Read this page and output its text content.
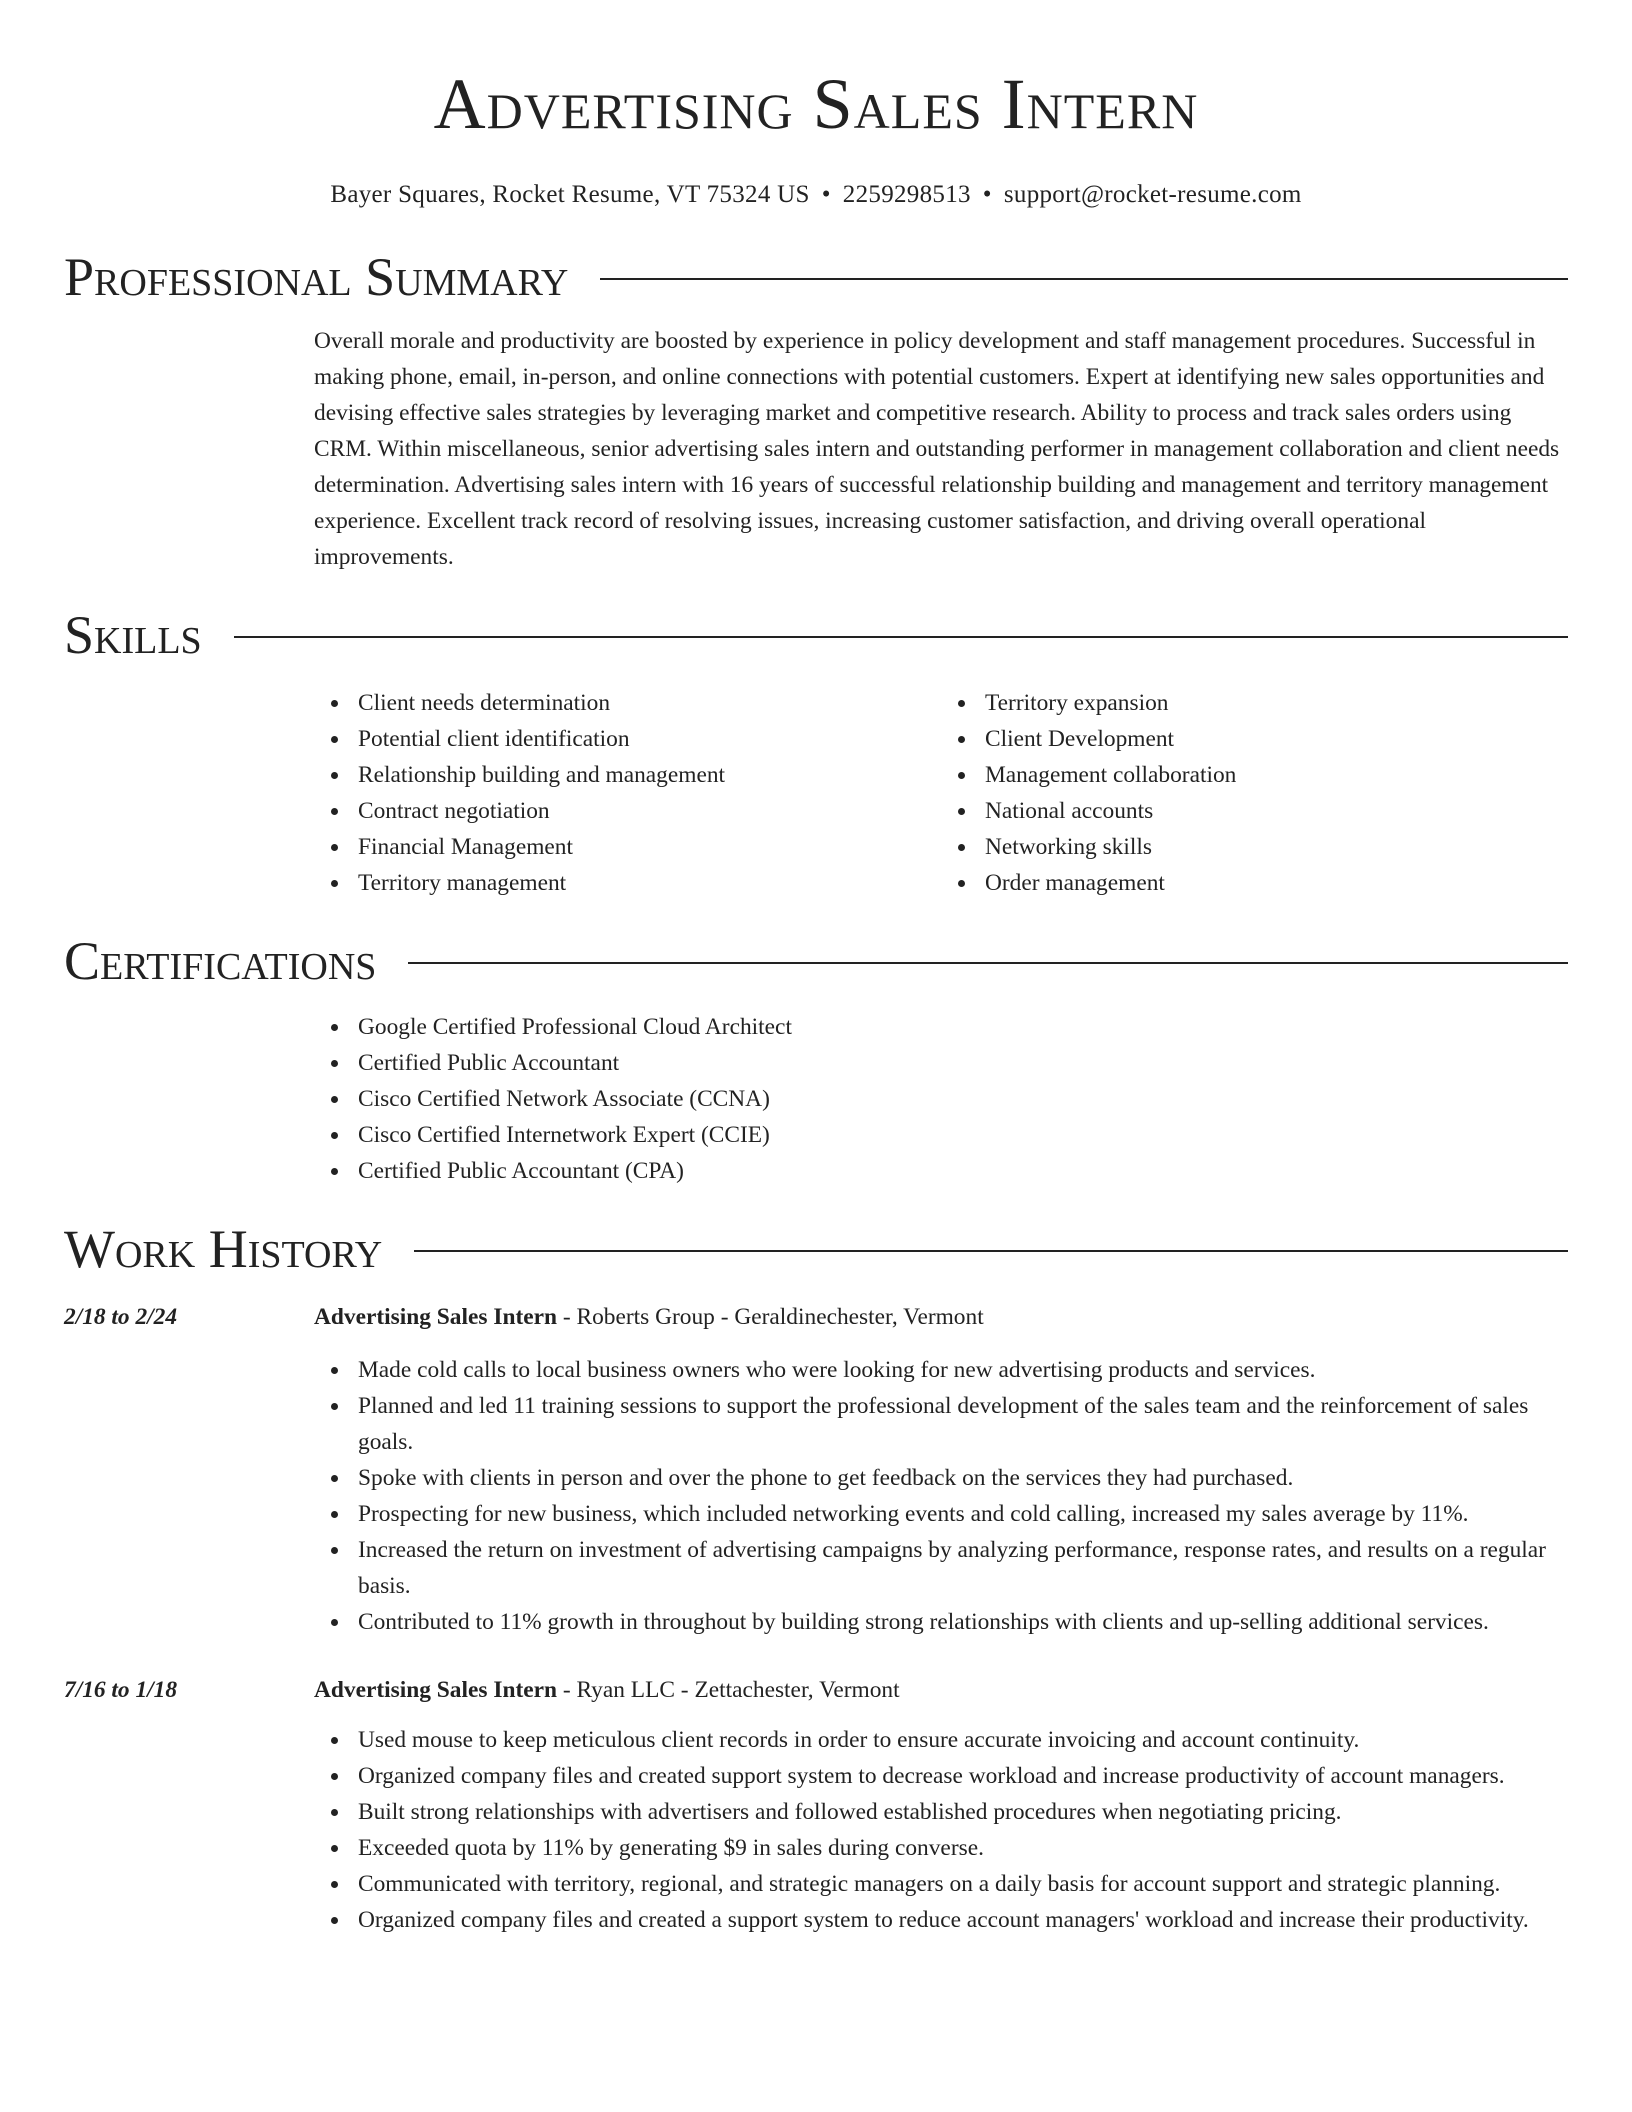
Advertising Sales Intern
Bayer Squares, Rocket Resume, VT 75324 US • 2259298513 • support@rocket-resume.com
Professional Summary

Overall morale and productivity are boosted by experience in policy development and staff management procedures. Successful in making phone, email, in-person, and online connections with potential customers. Expert at identifying new sales opportunities and devising effective sales strategies by leveraging market and competitive research. Ability to process and track sales orders using CRM. Within miscellaneous, senior advertising sales intern and outstanding performer in management collaboration and client needs determination. Advertising sales intern with 16 years of successful relationship building and management and territory management experience. Excellent track record of resolving issues, increasing customer satisfaction, and driving overall operational improvements.

Skills
Client needs determination
Potential client identification
Relationship building and management
Contract negotiation
Financial Management
Territory management
Territory expansion
Client Development
Management collaboration
National accounts
Networking skills
Order management
Certifications
Google Certified Professional Cloud Architect
Certified Public Accountant
Cisco Certified Network Associate (CCNA)
Cisco Certified Internetwork Expert (CCIE)
Certified Public Accountant (CPA)
Work History
2/18 to 2/24	Advertising Sales Intern - Roberts Group - Geraldinechester, Vermont
Made cold calls to local business owners who were looking for new advertising products and services.
Planned and led 11 training sessions to support the professional development of the sales team and the reinforcement of sales goals.
Spoke with clients in person and over the phone to get feedback on the services they had purchased.
Prospecting for new business, which included networking events and cold calling, increased my sales average by 11%.
Increased the return on investment of advertising campaigns by analyzing performance, response rates, and results on a regular basis.
Contributed to 11% growth in throughout by building strong relationships with clients and up-selling additional services.
7/16 to 1/18	Advertising Sales Intern - Ryan LLC - Zettachester, Vermont
Used mouse to keep meticulous client records in order to ensure accurate invoicing and account continuity.
Organized company files and created support system to decrease workload and increase productivity of account managers.
Built strong relationships with advertisers and followed established procedures when negotiating pricing.
Exceeded quota by 11% by generating $9 in sales during converse.
Communicated with territory, regional, and strategic managers on a daily basis for account support and strategic planning.
Organized company files and created a support system to reduce account managers' workload and increase their productivity.
